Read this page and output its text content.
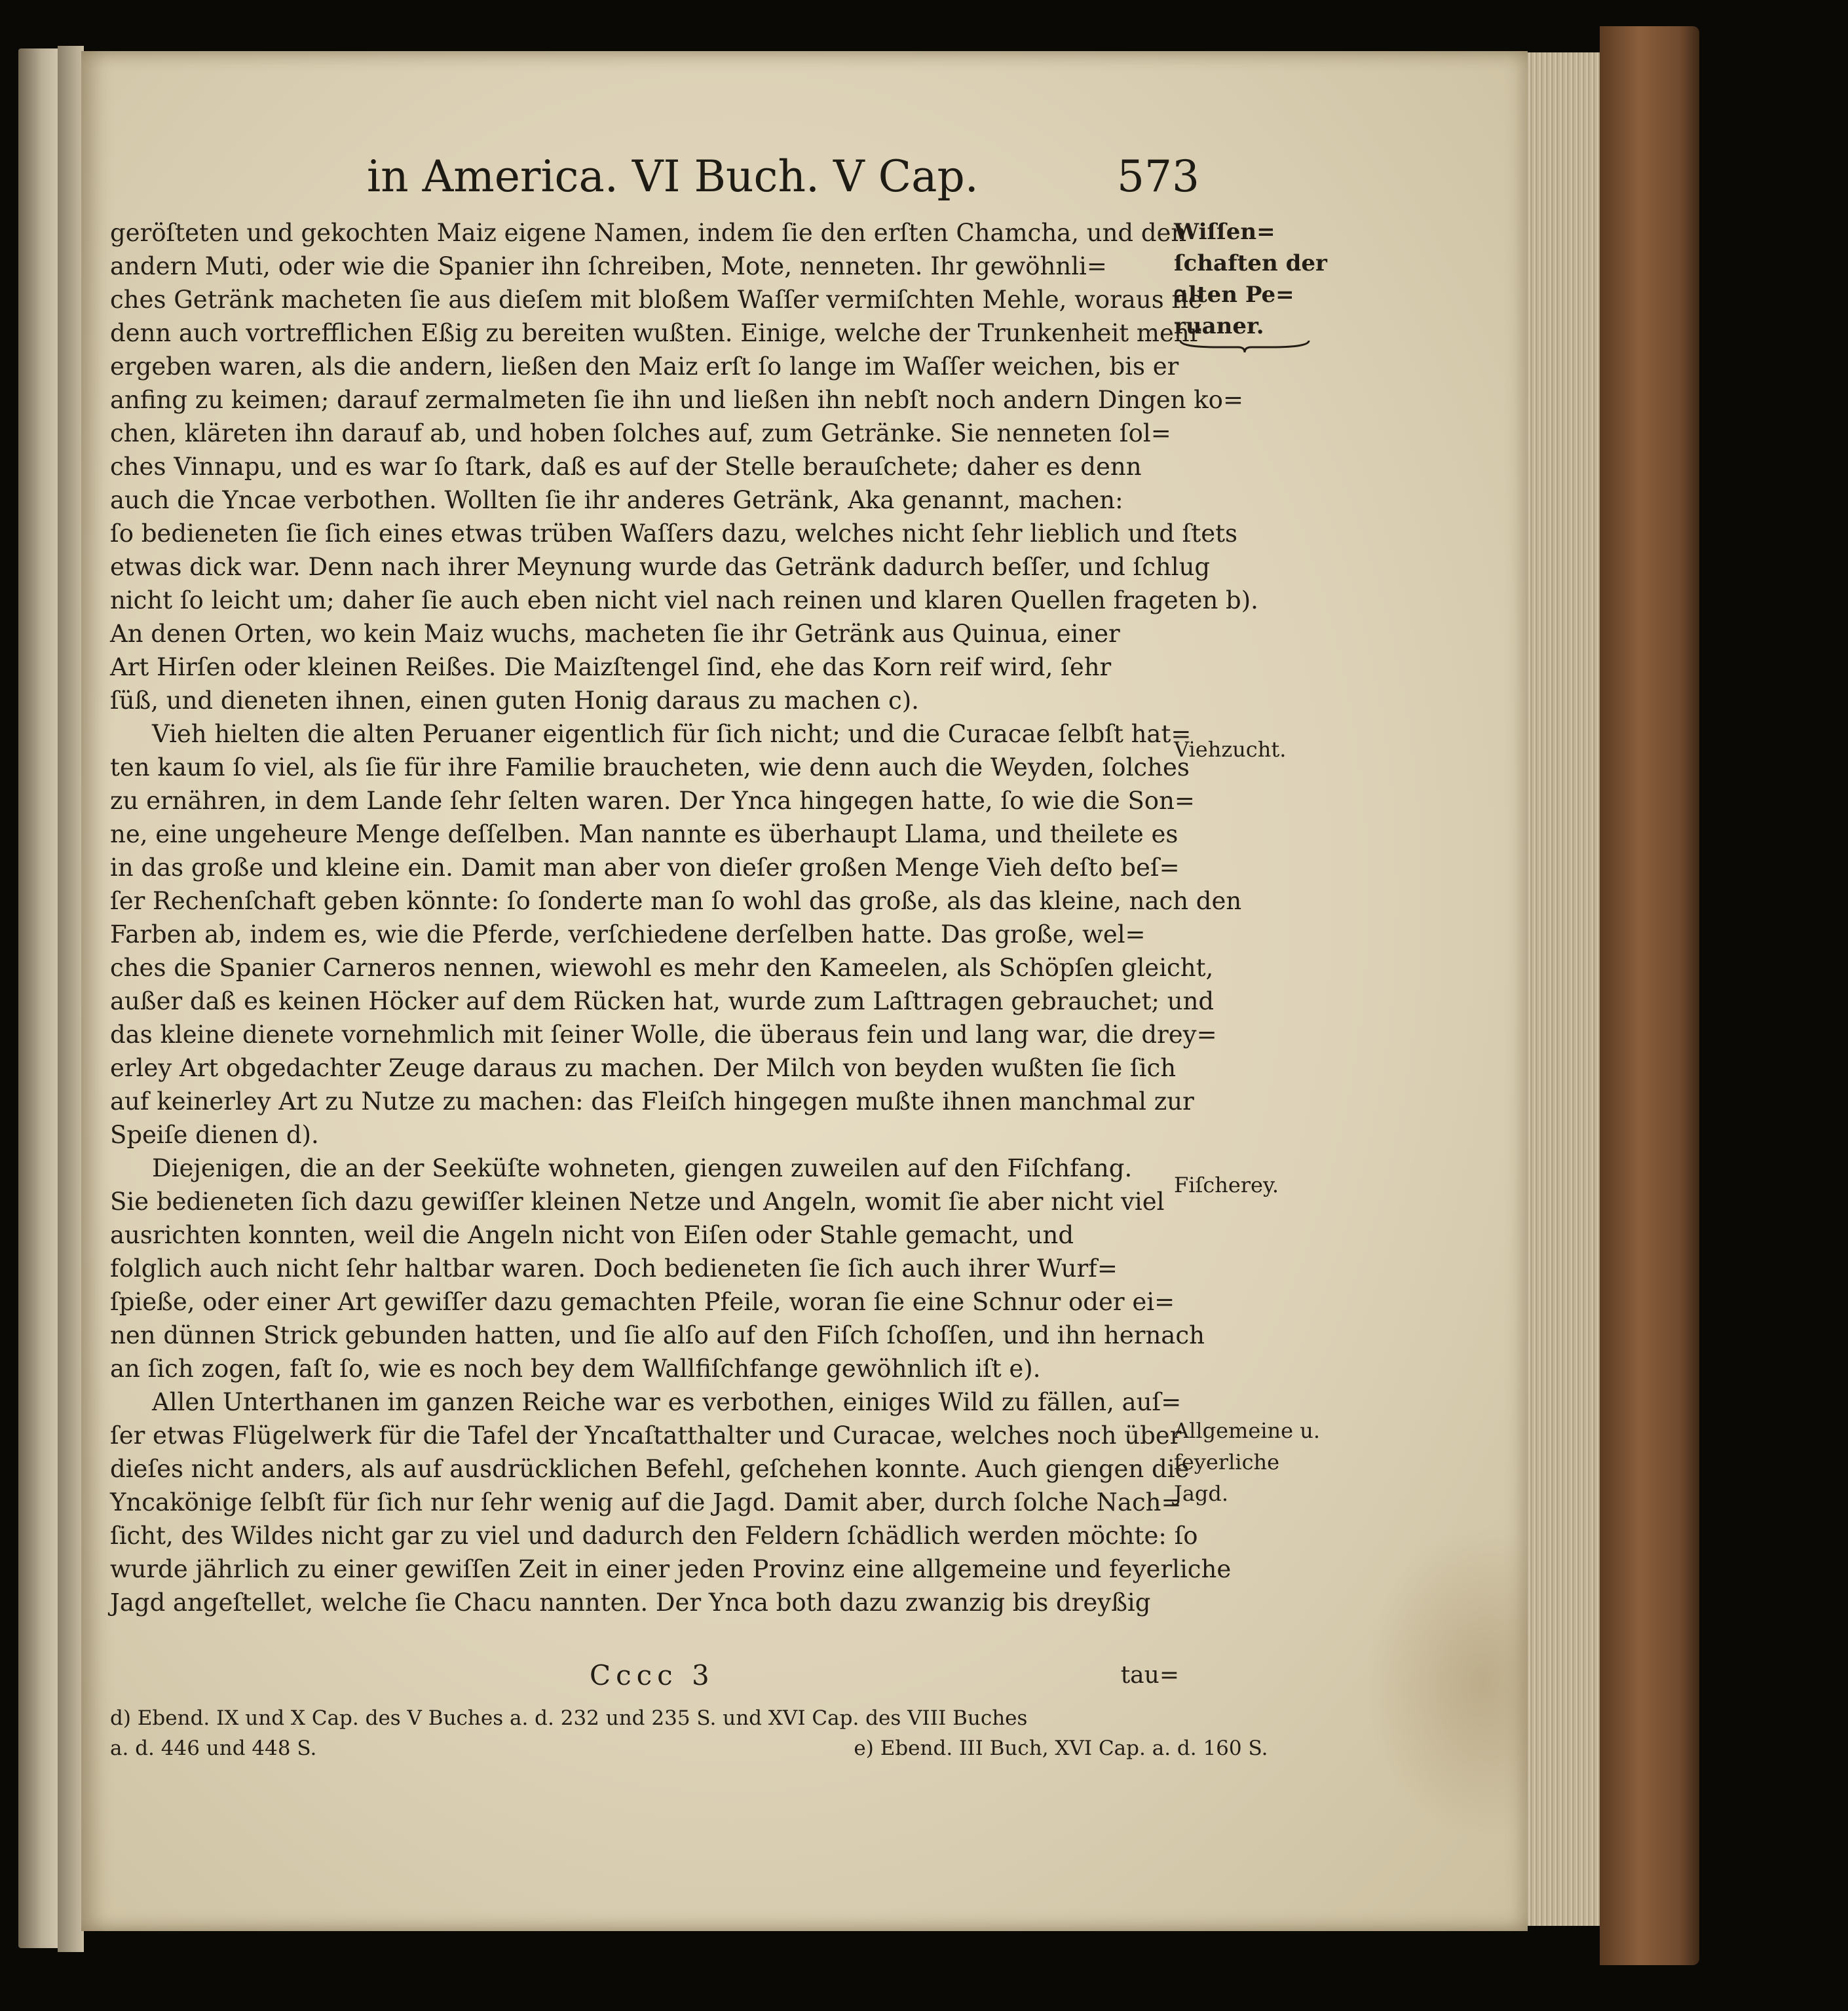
in America. VI Buch. V Cap.	573
geröſteten und gekochten Maiz eigene Namen, indem ſie den erſten Chamcha, und den
andern Muti, oder wie die Spanier ihn ſchreiben, Mote, nenneten. Ihr gewöhnli=
ches Getränk macheten ſie aus dieſem mit bloßem Waſſer vermiſchten Mehle, woraus ſie
denn auch vortrefflichen Eßig zu bereiten wußten. Einige, welche der Trunkenheit mehr
ergeben waren, als die andern, ließen den Maiz erſt ſo lange im Waſſer weichen, bis er
anfing zu keimen; darauf zermalmeten ſie ihn und ließen ihn nebſt noch andern Dingen ko=
chen, kläreten ihn darauf ab, und hoben ſolches auf, zum Getränke. Sie nenneten ſol=
ches Vinnapu, und es war ſo ſtark, daß es auf der Stelle berauſchete; daher es denn
auch die Yncae verbothen. Wollten ſie ihr anderes Getränk, Aka genannt, machen:
ſo bedieneten ſie ſich eines etwas trüben Waſſers dazu, welches nicht ſehr lieblich und ſtets
etwas dick war. Denn nach ihrer Meynung wurde das Getränk dadurch beſſer, und ſchlug
nicht ſo leicht um; daher ſie auch eben nicht viel nach reinen und klaren Quellen frageten b).
An denen Orten, wo kein Maiz wuchs, macheten ſie ihr Getränk aus Quinua, einer
Art Hirſen oder kleinen Reißes. Die Maizſtengel ſind, ehe das Korn reif wird, ſehr
ſüß, und dieneten ihnen, einen guten Honig daraus zu machen c).
Vieh hielten die alten Peruaner eigentlich für ſich nicht; und die Curacae ſelbſt hat=
ten kaum ſo viel, als ſie für ihre Familie braucheten, wie denn auch die Weyden, ſolches
zu ernähren, in dem Lande ſehr ſelten waren. Der Ynca hingegen hatte, ſo wie die Son=
ne, eine ungeheure Menge deſſelben. Man nannte es überhaupt Llama, und theilete es
in das große und kleine ein. Damit man aber von dieſer großen Menge Vieh deſto beſ=
ſer Rechenſchaft geben könnte: ſo ſonderte man ſo wohl das große, als das kleine, nach den
Farben ab, indem es, wie die Pferde, verſchiedene derſelben hatte. Das große, wel=
ches die Spanier Carneros nennen, wiewohl es mehr den Kameelen, als Schöpſen gleicht,
außer daß es keinen Höcker auf dem Rücken hat, wurde zum Laſttragen gebrauchet; und
das kleine dienete vornehmlich mit ſeiner Wolle, die überaus fein und lang war, die drey=
erley Art obgedachter Zeuge daraus zu machen. Der Milch von beyden wußten ſie ſich
auf keinerley Art zu Nutze zu machen: das Fleiſch hingegen mußte ihnen manchmal zur
Speiſe dienen d).
Diejenigen, die an der Seeküſte wohneten, giengen zuweilen auf den Fiſchfang.
Sie bedieneten ſich dazu gewiſſer kleinen Netze und Angeln, womit ſie aber nicht viel
ausrichten konnten, weil die Angeln nicht von Eiſen oder Stahle gemacht, und
folglich auch nicht ſehr haltbar waren. Doch bedieneten ſie ſich auch ihrer Wurf=
ſpieße, oder einer Art gewiſſer dazu gemachten Pfeile, woran ſie eine Schnur oder ei=
nen dünnen Strick gebunden hatten, und ſie alſo auf den Fiſch ſchoſſen, und ihn hernach
an ſich zogen, faſt ſo, wie es noch bey dem Wallfiſchfange gewöhnlich iſt e).
Allen Unterthanen im ganzen Reiche war es verbothen, einiges Wild zu fällen, auſ=
ſer etwas Flügelwerk für die Tafel der Yncaſtatthalter und Curacae, welches noch über
dieſes nicht anders, als auf ausdrücklichen Befehl, geſchehen konnte. Auch giengen die
Yncakönige ſelbſt für ſich nur ſehr wenig auf die Jagd. Damit aber, durch ſolche Nach=
ſicht, des Wildes nicht gar zu viel und dadurch den Feldern ſchädlich werden möchte: ſo
wurde jährlich zu einer gewiſſen Zeit in einer jeden Provinz eine allgemeine und feyerliche
Jagd angeſtellet, welche ſie Chacu nannten. Der Ynca both dazu zwanzig bis dreyßig
Cccc 3	tau=
d) Ebend. IX und X Cap. des V Buches a. d. 232 und 235 S. und XVI Cap. des VIII Buches
a. d. 446 und 448 S.	e) Ebend. III Buch, XVI Cap. a. d. 160 S.
Wiſſen=
ſchaften der
alten Pe=
ruaner.
Viehzucht.
Fiſcherey.
Allgemeine u.
feyerliche
Jagd.
